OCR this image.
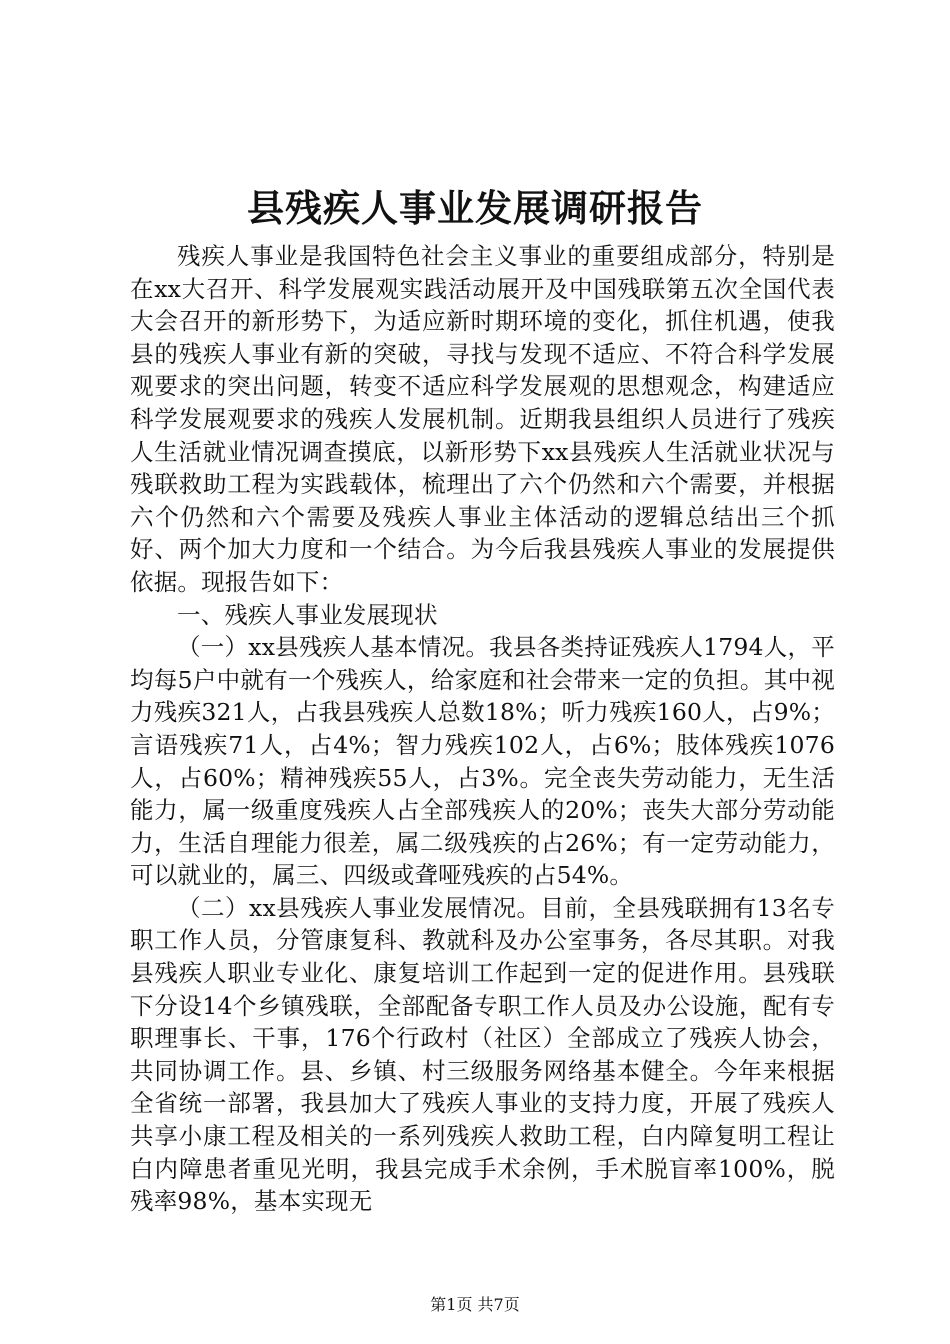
县残疾人事业发展调研报告

残疾人事业是我国特色社会主义事业的重要组成部分，特别是在xx大召开、科学发展观实践活动展开及中国残联第五次全国代表大会召开的新形势下，为适应新时期环境的变化，抓住机遇，使我县的残疾人事业有新的突破，寻找与发现不适应、不符合科学发展观要求的突出问题，转变不适应科学发展观的思想观念，构建适应科学发展观要求的残疾人发展机制。近期我县组织人员进行了残疾人生活就业情况调查摸底，以新形势下xx县残疾人生活就业状况与残联救助工程为实践载体，梳理出了六个仍然和六个需要，并根据六个仍然和六个需要及残疾人事业主体活动的逻辑总结出三个抓好、两个加大力度和一个结合。为今后我县残疾人事业的发展提供依据。现报告如下：

一、残疾人事业发展现状

（一）xx县残疾人基本情况。我县各类持证残疾人1794人，平均每5户中就有一个残疾人，给家庭和社会带来一定的负担。其中视力残疾321人，占我县残疾人总数18%；听力残疾160人，占9%；言语残疾71人，占4%；智力残疾102人，占6%；肢体残疾1076人，占60%；精神残疾55人，占3%。完全丧失劳动能力，无生活能力，属一级重度残疾人占全部残疾人的20%；丧失大部分劳动能力，生活自理能力很差，属二级残疾的占26%；有一定劳动能力，可以就业的，属三、四级或聋哑残疾的占54%。

（二）xx县残疾人事业发展情况。目前，全县残联拥有13名专职工作人员，分管康复科、教就科及办公室事务，各尽其职。对我县残疾人职业专业化、康复培训工作起到一定的促进作用。县残联下分设14个乡镇残联，全部配备专职工作人员及办公设施，配有专职理事长、干事，176个行政村（社区）全部成立了残疾人协会，共同协调工作。县、乡镇、村三级服务网络基本健全。今年来根据全省统一部署，我县加大了残疾人事业的支持力度，开展了残疾人共享小康工程及相关的一系列残疾人救助工程，白内障复明工程让白内障患者重见光明，我县完成手术余例，手术脱盲率100%，脱残率98%，基本实现无

第1页 共7页
